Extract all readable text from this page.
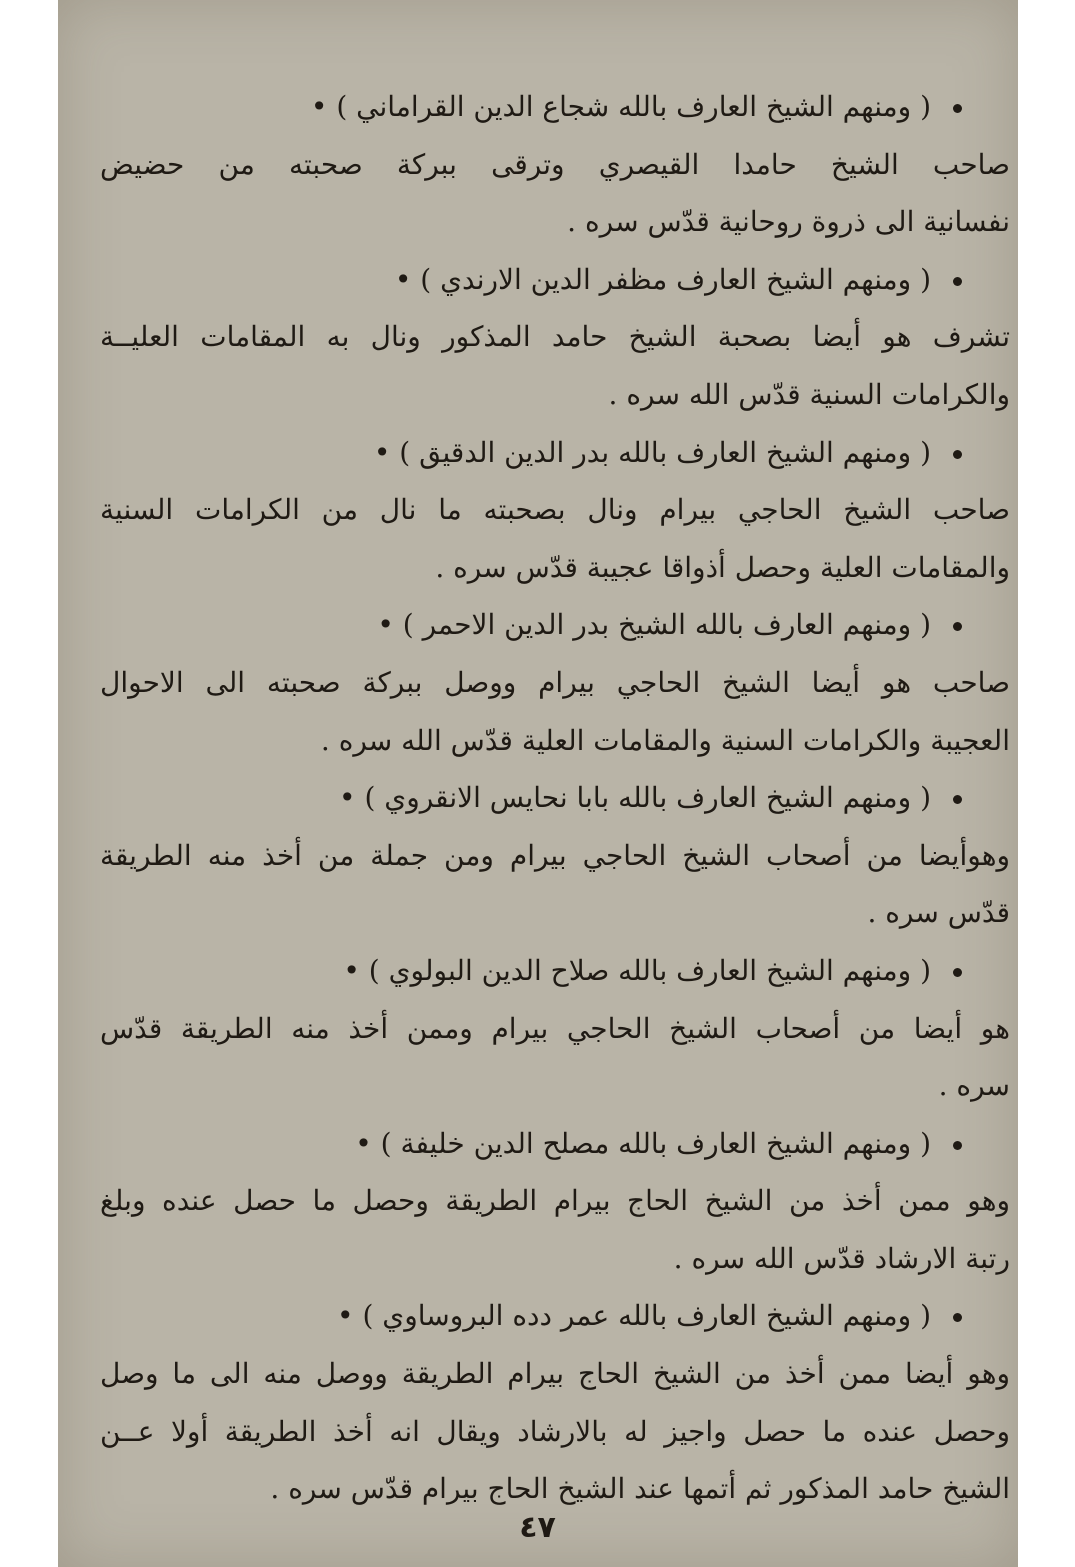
( ومنهم الشيخ العارف بالله شجاع الدين القراماني ) •
صاحب الشيخ حامدا القيصري وترقى ببركة صحبته من حضيض
نفسانية الى ذروة روحانية قدّس سره .
( ومنهم الشيخ العارف مظفر الدين الارندي ) •
تشرف هو أيضا بصحبة الشيخ حامد المذكور ونال به المقامات العليــة
والكرامات السنية قدّس الله سره .
( ومنهم الشيخ العارف بالله بدر الدين الدقيق ) •
صاحب الشيخ الحاجي بيرام ونال بصحبته ما نال من الكرامات السنية
والمقامات العلية وحصل أذواقا عجيبة قدّس سره .
( ومنهم العارف بالله الشيخ بدر الدين الاحمر ) •
صاحب هو أيضا الشيخ الحاجي بيرام ووصل ببركة صحبته الى الاحوال
العجيبة والكرامات السنية والمقامات العلية قدّس الله سره .
( ومنهم الشيخ العارف بالله بابا نحايس الانقروي ) •
وهوأيضا من أصحاب الشيخ الحاجي بيرام ومن جملة من أخذ منه الطريقة
قدّس سره .
( ومنهم الشيخ العارف بالله صلاح الدين البولوي ) •
هو أيضا من أصحاب الشيخ الحاجي بيرام وممن أخذ منه الطريقة قدّس
سره .
( ومنهم الشيخ العارف بالله مصلح الدين خليفة ) •
وهو ممن أخذ من الشيخ الحاج بيرام الطريقة وحصل ما حصل عنده وبلغ
رتبة الارشاد قدّس الله سره .
( ومنهم الشيخ العارف بالله عمر دده البروساوي ) •
وهو أيضا ممن أخذ من الشيخ الحاج بيرام الطريقة ووصل منه الى ما وصل
وحصل عنده ما حصل واجيز له بالارشاد ويقال انه أخذ الطريقة أولا عــن
الشيخ حامد المذكور ثم أتمها عند الشيخ الحاج بيرام قدّس سره .
٤٧
